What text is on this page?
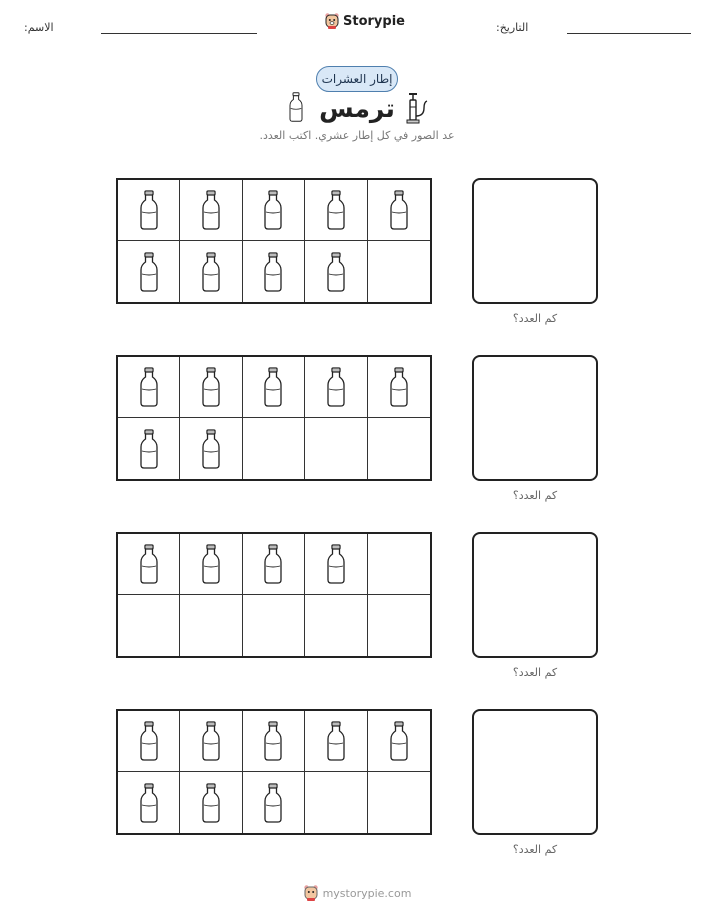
الاسم:	Storypie	التاريخ:
إطار العشرات
ترمس
عد الصور في كل إطار عشري. اكتب العدد.
كم العدد؟
كم العدد؟
كم العدد؟
كم العدد؟
mystorypie.com
